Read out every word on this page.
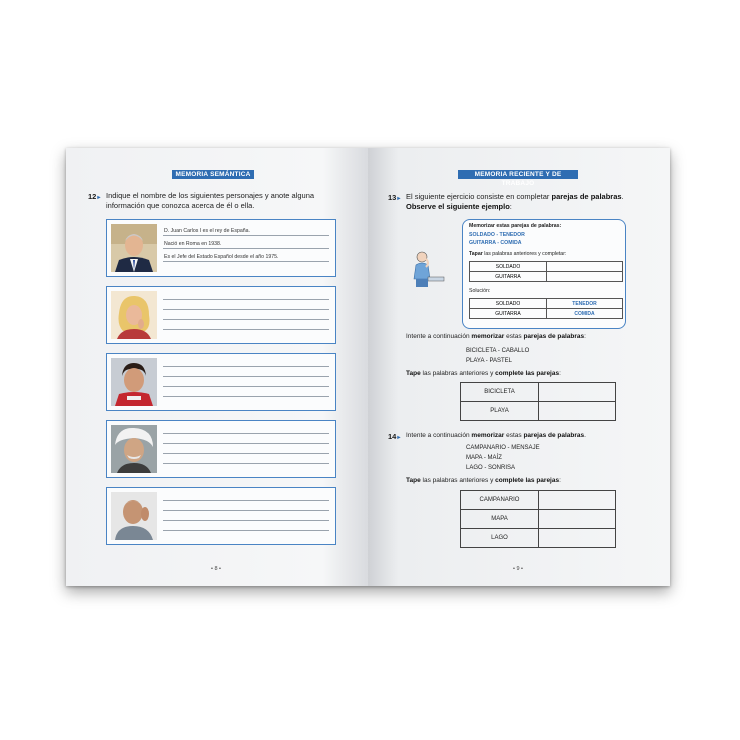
MEMORIA SEMÁNTICA
12▸ Indique el nombre de los siguientes personajes y anote alguna
información que conozca acerca de él o ella.
D. Juan Carlos I es el rey de España.
Nació en Roma en 1938.
Es el Jefe del Estado Español desde el año 1975.
• 8 •
MEMORIA RECIENTE Y DE TRABAJO
13▸ El siguiente ejercicio consiste en completar parejas de palabras.
Observe el siguiente ejemplo:
Memorizar estas parejas de palabras:
SOLDADO - TENEDOR
GUITARRA - COMIDA
Tapar las palabras anteriores y completar:
SOLDADO	
GUITARRA	
Solución:
SOLDADO	TENEDOR
GUITARRA	COMIDA
Intente a continuación memorizar estas parejas de palabras:
BICICLETA - CABALLO
PLAYA - PASTEL
Tape las palabras anteriores y complete las parejas:
BICICLETA	
PLAYA	
14▸ Intente a continuación memorizar estas parejas de palabras.
CAMPANARIO - MENSAJE
MAPA - MAÍZ
LAGO - SONRISA
Tape las palabras anteriores y complete las parejas:
CAMPANARIO	
MAPA	
LAGO	
• 9 •
